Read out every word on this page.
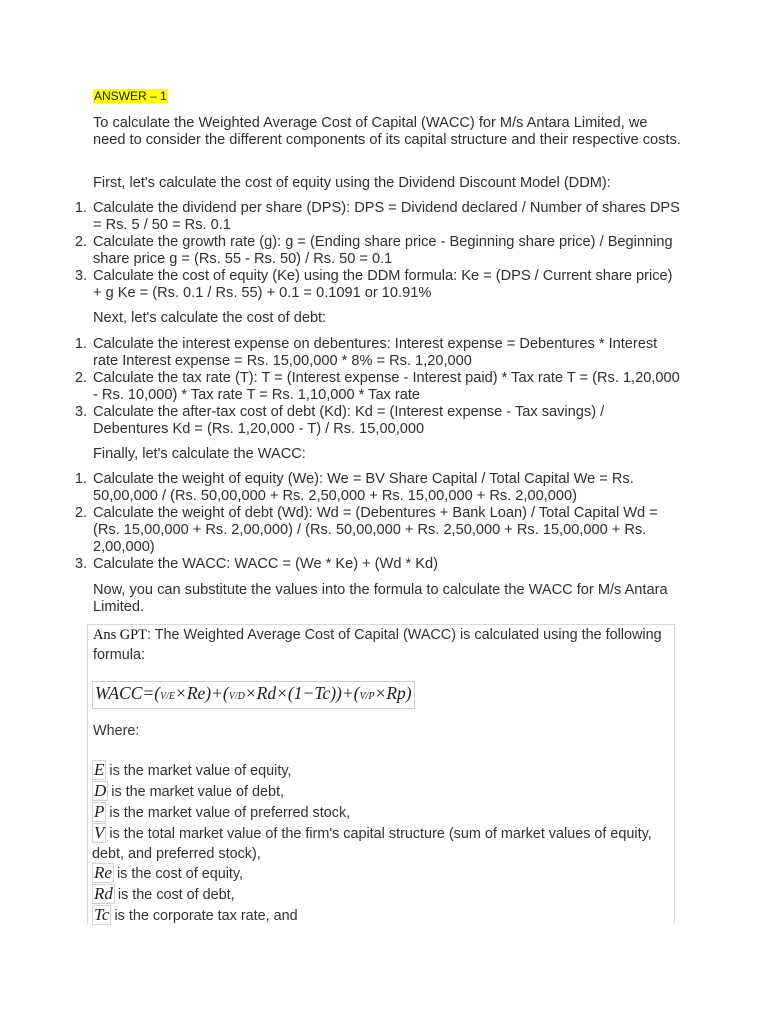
ANSWER – 1

To calculate the Weighted Average Cost of Capital (WACC) for M/s Antara Limited, we need to consider the different components of its capital structure and their respective costs.

First, let's calculate the cost of equity using the Dividend Discount Model (DDM):

1. Calculate the dividend per share (DPS): DPS = Dividend declared / Number of shares DPS = Rs. 5 / 50 = Rs. 0.1
2. Calculate the growth rate (g): g = (Ending share price - Beginning share price) / Beginning share price g = (Rs. 55 - Rs. 50) / Rs. 50 = 0.1
3. Calculate the cost of equity (Ke) using the DDM formula: Ke = (DPS / Current share price) + g Ke = (Rs. 0.1 / Rs. 55) + 0.1 = 0.1091 or 10.91%

Next, let's calculate the cost of debt:

1. Calculate the interest expense on debentures: Interest expense = Debentures * Interest rate Interest expense = Rs. 15,00,000 * 8% = Rs. 1,20,000
2. Calculate the tax rate (T): T = (Interest expense - Interest paid) * Tax rate T = (Rs. 1,20,000 - Rs. 10,000) * Tax rate T = Rs. 1,10,000 * Tax rate
3. Calculate the after-tax cost of debt (Kd): Kd = (Interest expense - Tax savings) / Debentures Kd = (Rs. 1,20,000 - T) / Rs. 15,00,000

Finally, let's calculate the WACC:

1. Calculate the weight of equity (We): We = BV Share Capital / Total Capital We = Rs. 50,00,000 / (Rs. 50,00,000 + Rs. 2,50,000 + Rs. 15,00,000 + Rs. 2,00,000)
2. Calculate the weight of debt (Wd): Wd = (Debentures + Bank Loan) / Total Capital Wd = (Rs. 15,00,000 + Rs. 2,00,000) / (Rs. 50,00,000 + Rs. 2,50,000 + Rs. 15,00,000 + Rs. 2,00,000)
3. Calculate the WACC: WACC = (We * Ke) + (Wd * Kd)

Now, you can substitute the values into the formula to calculate the WACC for M/s Antara Limited.

Ans GPT: The Weighted Average Cost of Capital (WACC) is calculated using the following formula:
WACC=(V/E×Re)+(V/D×Rd×(1−Tc))+(V/P×Rp)
Where:
E is the market value of equity,
D is the market value of debt,
P is the market value of preferred stock,
V is the total market value of the firm's capital structure (sum of market values of equity, debt, and preferred stock),
Re is the cost of equity,
Rd is the cost of debt,
Tc is the corporate tax rate, and
